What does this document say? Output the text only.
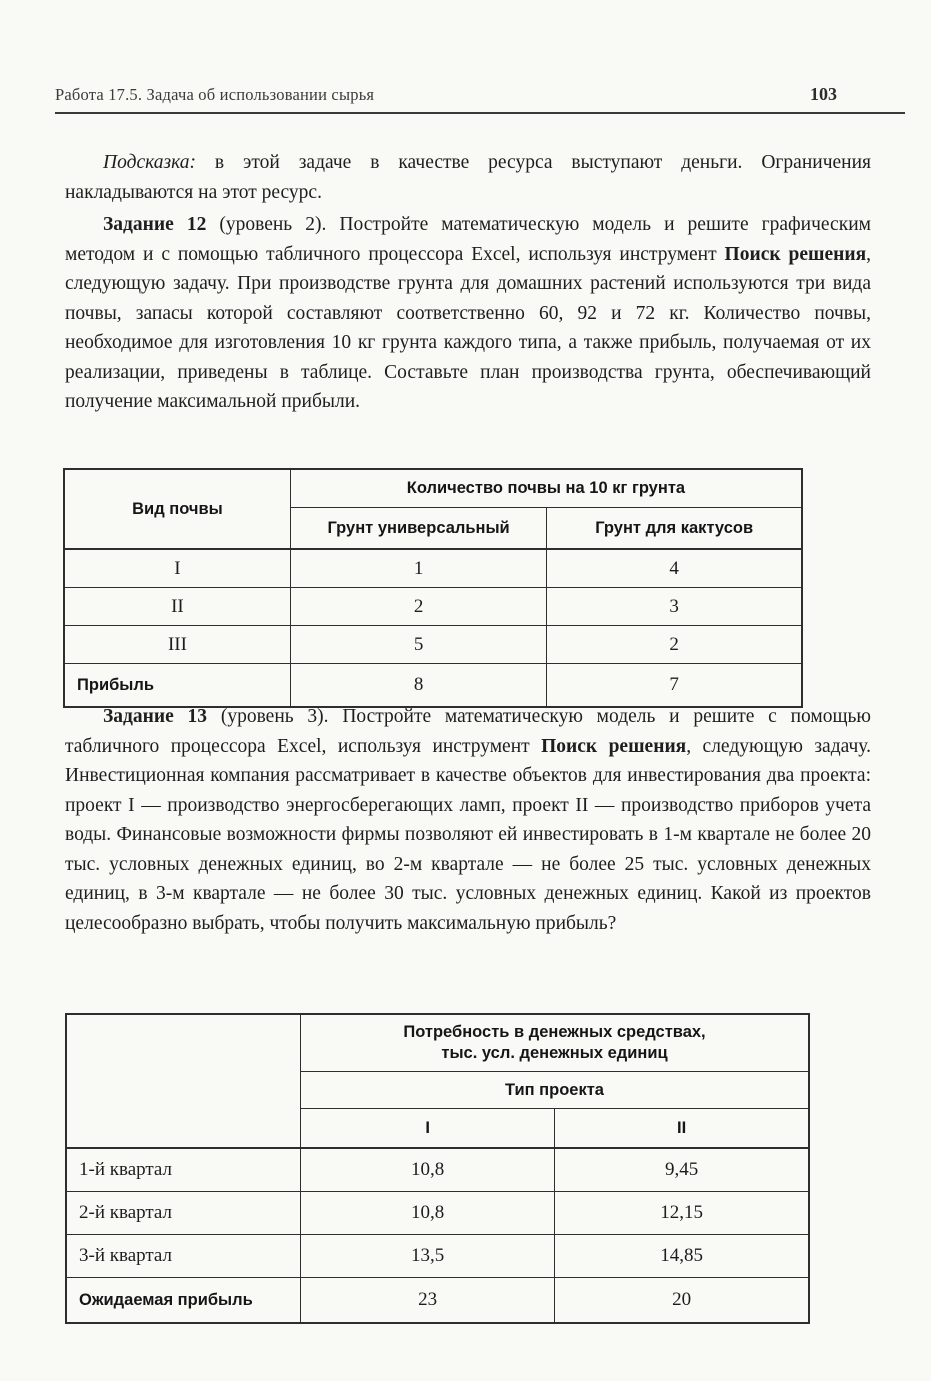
Работа 17.5. Задача об использовании сырья	103

Подсказка: в этой задаче в качестве ресурса выступают деньги. Ограничения накладываются на этот ресурс.

Задание 12 (уровень 2). Постройте математическую модель и решите графическим методом и с помощью табличного процессора Excel, используя инструмент Поиск решения, следующую задачу. При производстве грунта для домашних растений используются три вида почвы, запасы которой составляют соответственно 60, 92 и 72 кг. Количество почвы, необходимое для изготовления 10 кг грунта каждого типа, а также прибыль, получаемая от их реализации, приведены в таблице. Составьте план производства грунта, обеспечивающий получение максимальной прибыли.

Вид почвы	Количество почвы на 10 кг грунта	
	Грунт универсальный	Грунт для кактусов
I	1	4
II	2	3
III	5	2
Прибыль	8	7

Задание 13 (уровень 3). Постройте математическую модель и решите с помощью табличного процессора Excel, используя инструмент Поиск решения, следующую задачу. Инвестиционная компания рассматривает в качестве объектов для инвестирования два проекта: проект I — производство энергосберегающих ламп, проект II — производство приборов учета воды. Финансовые возможности фирмы позволяют ей инвестировать в 1-м квартале не более 20 тыс. условных денежных единиц, во 2-м квартале — не более 25 тыс. условных денежных единиц, в 3-м квартале — не более 30 тыс. условных денежных единиц. Какой из проектов целесообразно выбрать, чтобы получить максимальную прибыль?

	Потребность в денежных средствах,
тыс. усл. денежных единиц	

	Тип проекта	
	I	II
1-й квартал	10,8	9,45
2-й квартал	10,8	12,15
3-й квартал	13,5	14,85
Ожидаемая прибыль	23	20
